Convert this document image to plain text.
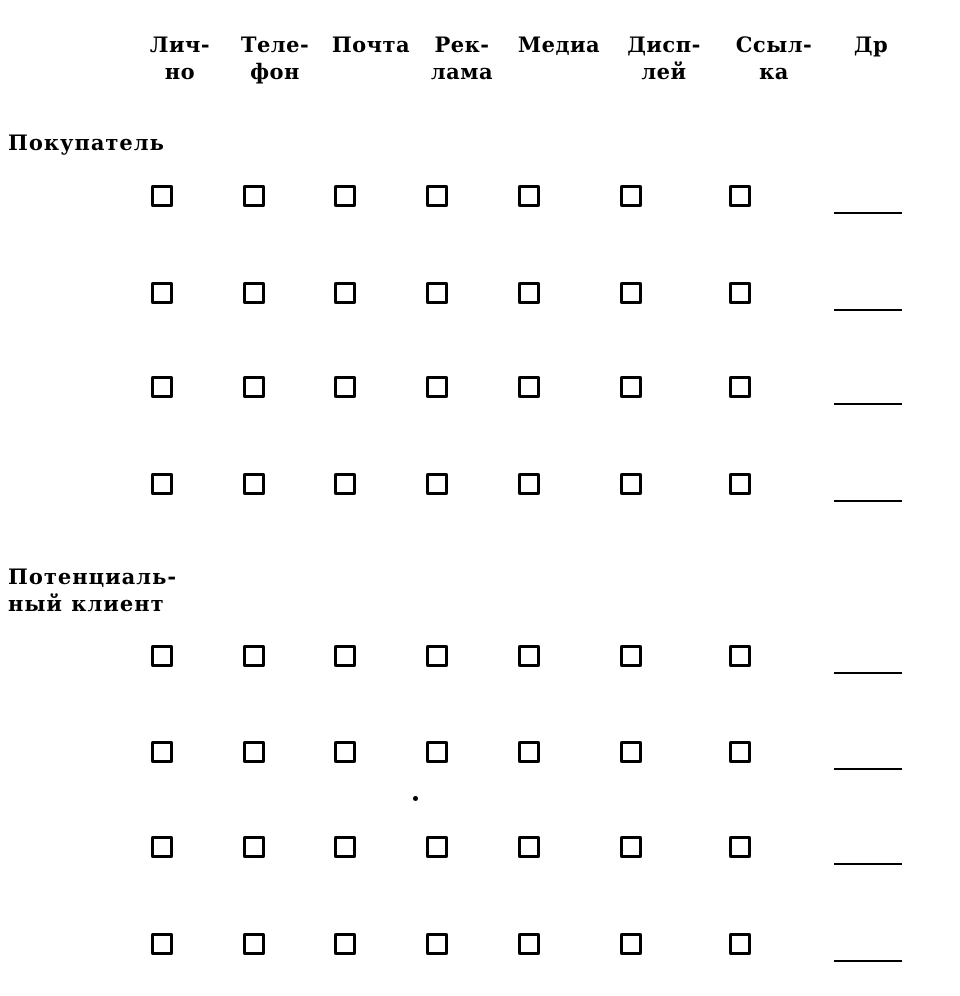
Лич-
но
Теле-
фон
Почта	Рек-
лама
Медиа	Дисп-
лей
Ссыл-
ка
Др
Покупатель
Потенциаль-
ный клиент
